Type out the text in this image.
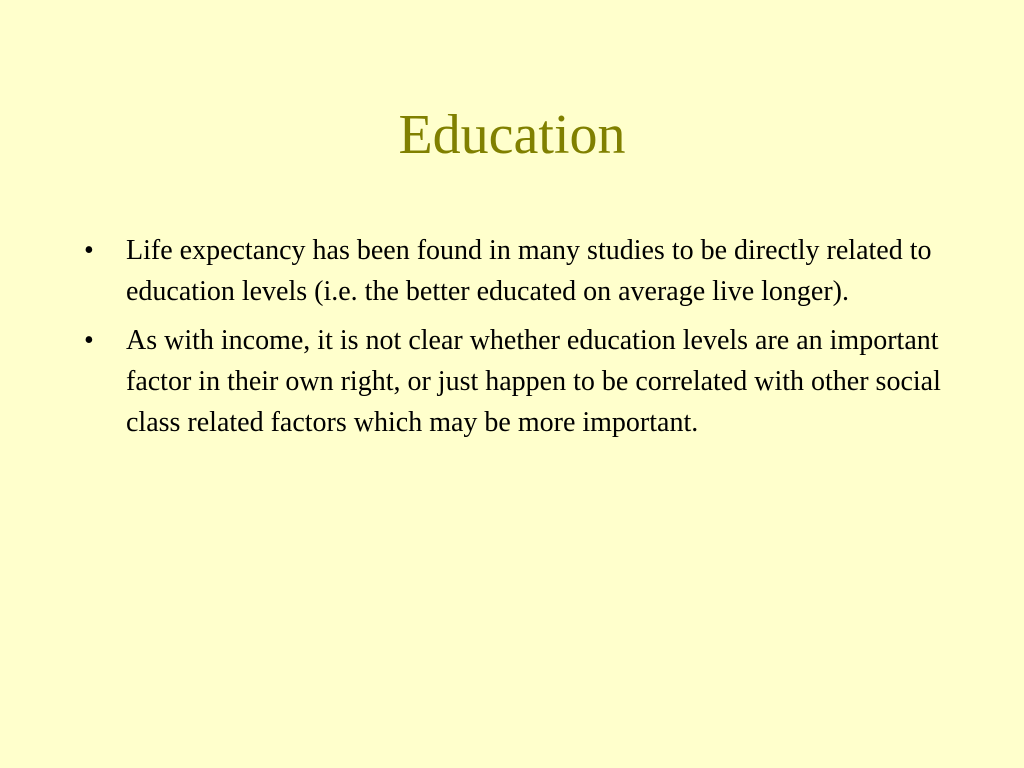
Education
•	Life expectancy has been found in many studies to be directly related to education levels (i.e. the better educated on average live longer).
•	As with income, it is not clear whether education levels are an important factor in their own right, or just happen to be correlated with other social class related factors which may be more important.
